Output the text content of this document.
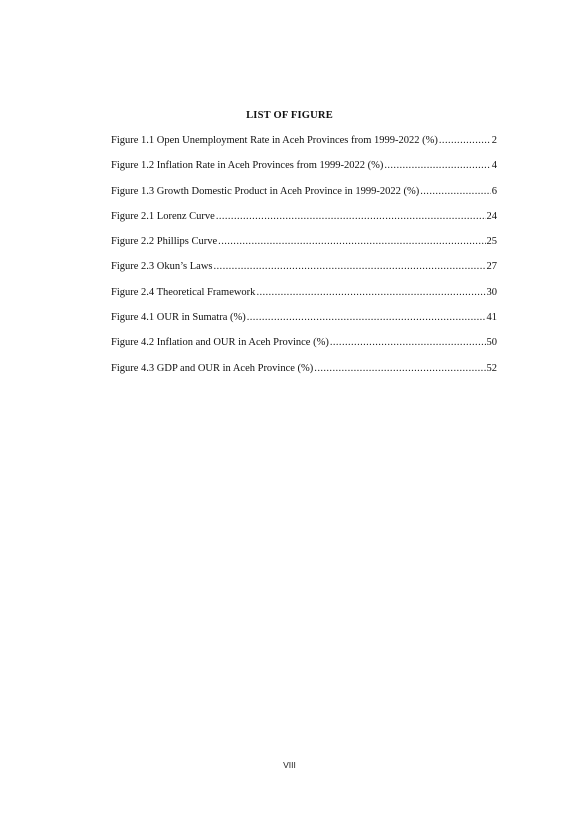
LIST OF FIGURE
Figure 1.1 Open Unemployment Rate in Aceh Provinces from 1999-2022 (%) .....	2
Figure 1.2 Inflation Rate in Aceh Provinces from 1999-2022 (%) .....	4
Figure 1.3 Growth Domestic Product in Aceh Province in 1999-2022 (%) .....	6
Figure 2.1 Lorenz Curve .....	24
Figure 2.2 Phillips Curve .....	25
Figure 2.3 Okun’s Laws .....	27
Figure 2.4 Theoretical Framework .....	30
Figure 4.1 OUR in Sumatra (%) .....	41
Figure 4.2 Inflation and OUR in Aceh Province (%) .....	50
Figure 4.3 GDP and OUR in Aceh Province (%) .....	52
VIII
